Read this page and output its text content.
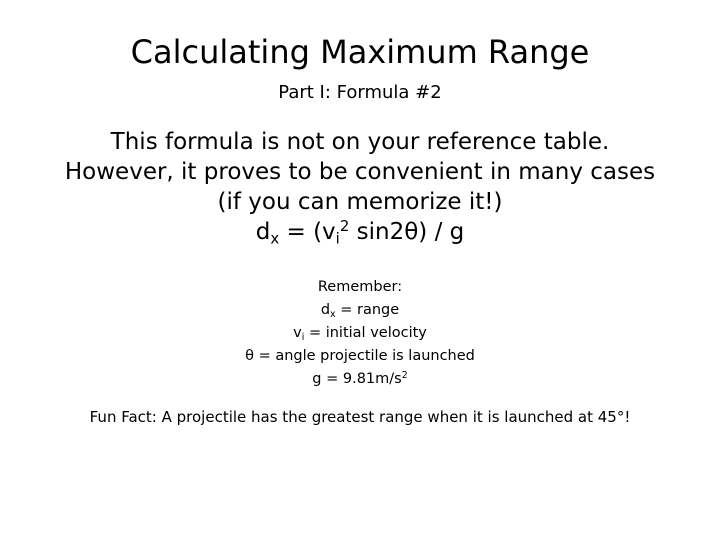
Calculating Maximum Range
Part I: Formula #2
This formula is not on your reference table.
However, it proves to be convenient in many cases
(if you can memorize it!)
$d_x = (v_i^2$ sin2θ) / g
Remember:
$d_x$ = range
$v_i$ = initial velocity
θ = angle projectile is launched
$g = 9.81m/s^2$
Fun Fact: A projectile has the greatest range when it is launched at 45°!
